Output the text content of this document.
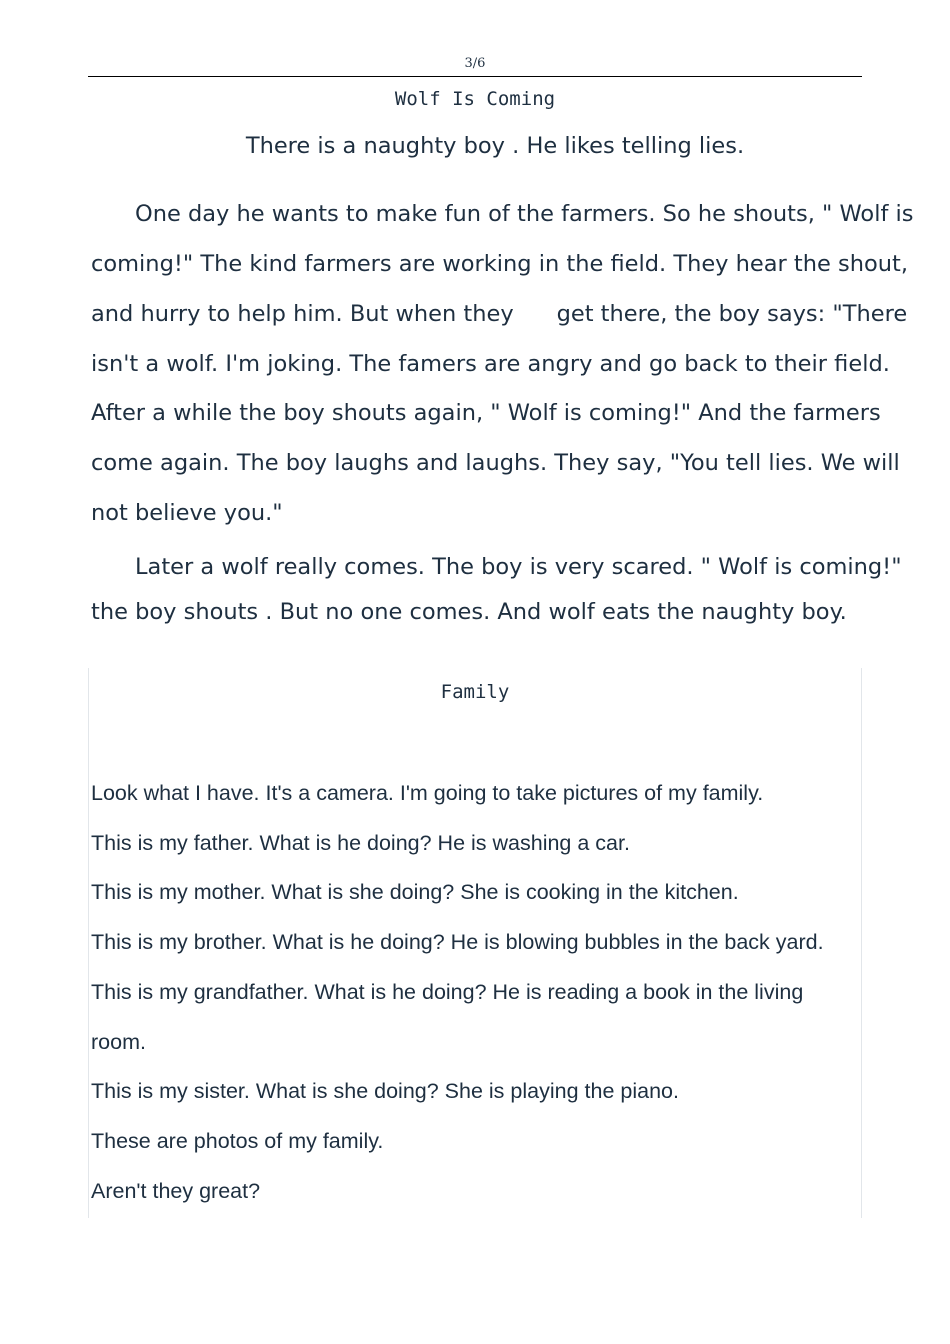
3/6
Wolf Is Coming
There is a naughty boy . He likes telling lies.
One day he wants to make fun of the farmers. So he shouts, " Wolf is
coming!" The kind farmers are working in the field. They hear the shout,
and hurry to help him. But when they      get there, the boy says: "There
isn't a wolf. I'm joking. The famers are angry and go back to their field.
After a while the boy shouts again, " Wolf is coming!" And the farmers
come again. The boy laughs and laughs. They say, "You tell lies. We will
not believe you."
Later a wolf really comes. The boy is very scared. " Wolf is coming!"
the boy shouts . But no one comes. And wolf eats the naughty boy.
Family
Look what I have. It's a camera. I'm going to take pictures of my family.
This is my father. What is he doing? He is washing a car.
This is my mother. What is she doing? She is cooking in the kitchen.
This is my brother. What is he doing? He is blowing bubbles in the back yard.
This is my grandfather. What is he doing? He is reading a book in the living
room.
This is my sister. What is she doing? She is playing the piano.
These are photos of my family.
Aren't they great?
